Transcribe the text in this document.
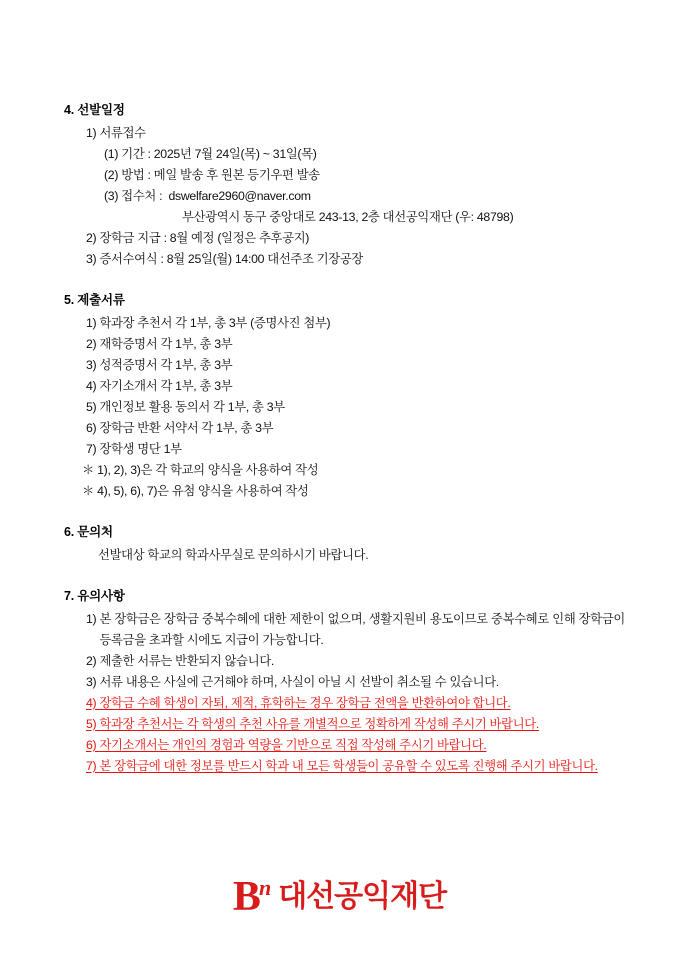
4. 선발일정
1) 서류접수
(1) 기간 : 2025년 7월 24일(목) ~ 31일(목)
(2) 방법 : 메일 발송 후 원본 등기우편 발송
(3) 접수처 :  dswelfare2960@naver.com
부산광역시 동구 중앙대로 243-13, 2층 대선공익재단 (우: 48798)
2) 장학금 지급 : 8월 예정 (일정은 추후공지)
3) 증서수여식 : 8월 25일(월) 14:00 대선주조 기장공장
5. 제출서류
1) 학과장 추천서 각 1부, 총 3부 (증명사진 첨부)
2) 재학증명서 각 1부, 총 3부
3) 성적증명서 각 1부, 총 3부
4) 자기소개서 각 1부, 총 3부
5) 개인정보 활용 동의서 각 1부, 총 3부
6) 장학금 반환 서약서 각 1부, 총 3부
7) 장학생 명단 1부
＊ 1), 2), 3)은 각 학교의 양식을 사용하여 작성
＊ 4), 5), 6), 7)은 유첨 양식을 사용하여 작성
6. 문의처
선발대상 학교의 학과사무실로 문의하시기 바랍니다.
7. 유의사항
1) 본 장학금은 장학금 중복수혜에 대한 제한이 없으며, 생활지원비 용도이므로 중복수혜로 인해 장학금이 등록금을 초과할 시에도 지급이 가능합니다.
2) 제출한 서류는 반환되지 않습니다.
3) 서류 내용은 사실에 근거해야 하며, 사실이 아닐 시 선발이 취소될 수 있습니다.
4) 장학금 수혜 학생이 자퇴, 제적, 휴학하는 경우 장학금 전액을 반환하여야 합니다.
5) 학과장 추천서는 각 학생의 추천 사유를 개별적으로 정확하게 작성해 주시기 바랍니다.
6) 자기소개서는 개인의 경험과 역량을 기반으로 직접 작성해 주시기 바랍니다.
7) 본 장학금에 대한 정보를 반드시 학과 내 모든 학생들이 공유할 수 있도록 진행해 주시기 바랍니다.
$B^n$ 대선공익재단
